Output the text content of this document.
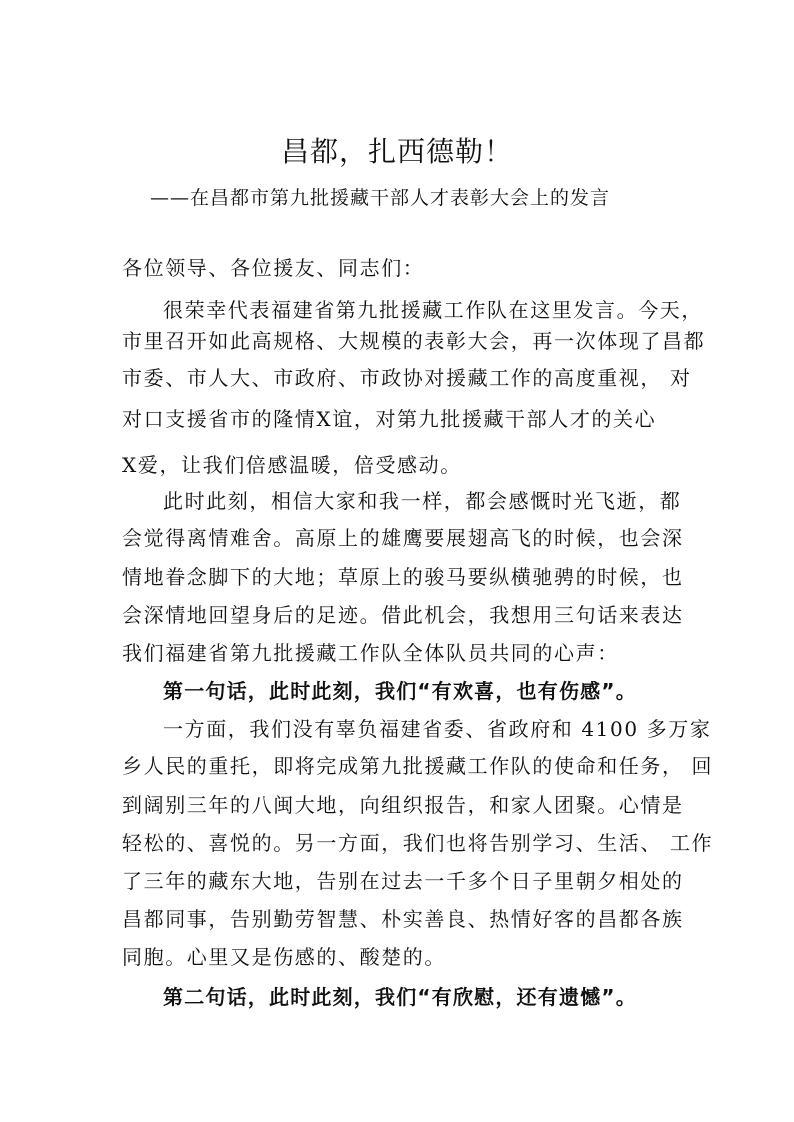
昌都，扎西德勒！
——在昌都市第九批援藏干部人才表彰大会上的发言
各位领导、各位援友、同志们：
很荣幸代表福建省第九批援藏工作队在这里发言。今天，
市里召开如此高规格、大规模的表彰大会，再一次体现了昌都
市委、市人大、市政府、市政协对援藏工作的高度重视， 对
对口支援省市的隆情X谊，对第九批援藏干部人才的关心
X爱，让我们倍感温暖，倍受感动。
此时此刻，相信大家和我一样，都会感慨时光飞逝，都
会觉得离情难舍。高原上的雄鹰要展翅高飞的时候，也会深
情地眷念脚下的大地；草原上的骏马要纵横驰骋的时候，也
会深情地回望身后的足迹。借此机会，我想用三句话来表达
我们福建省第九批援藏工作队全体队员共同的心声：
第一句话，此时此刻，我们“有欢喜，也有伤感”。
一方面，我们没有辜负福建省委、省政府和 4100 多万家
乡人民的重托，即将完成第九批援藏工作队的使命和任务， 回
到阔别三年的八闽大地，向组织报告，和家人团聚。心情是
轻松的、喜悦的。另一方面，我们也将告别学习、生活、 工作
了三年的藏东大地，告别在过去一千多个日子里朝夕相处的
昌都同事，告别勤劳智慧、朴实善良、热情好客的昌都各族
同胞。心里又是伤感的、酸楚的。
第二句话，此时此刻，我们“有欣慰，还有遗憾”。
